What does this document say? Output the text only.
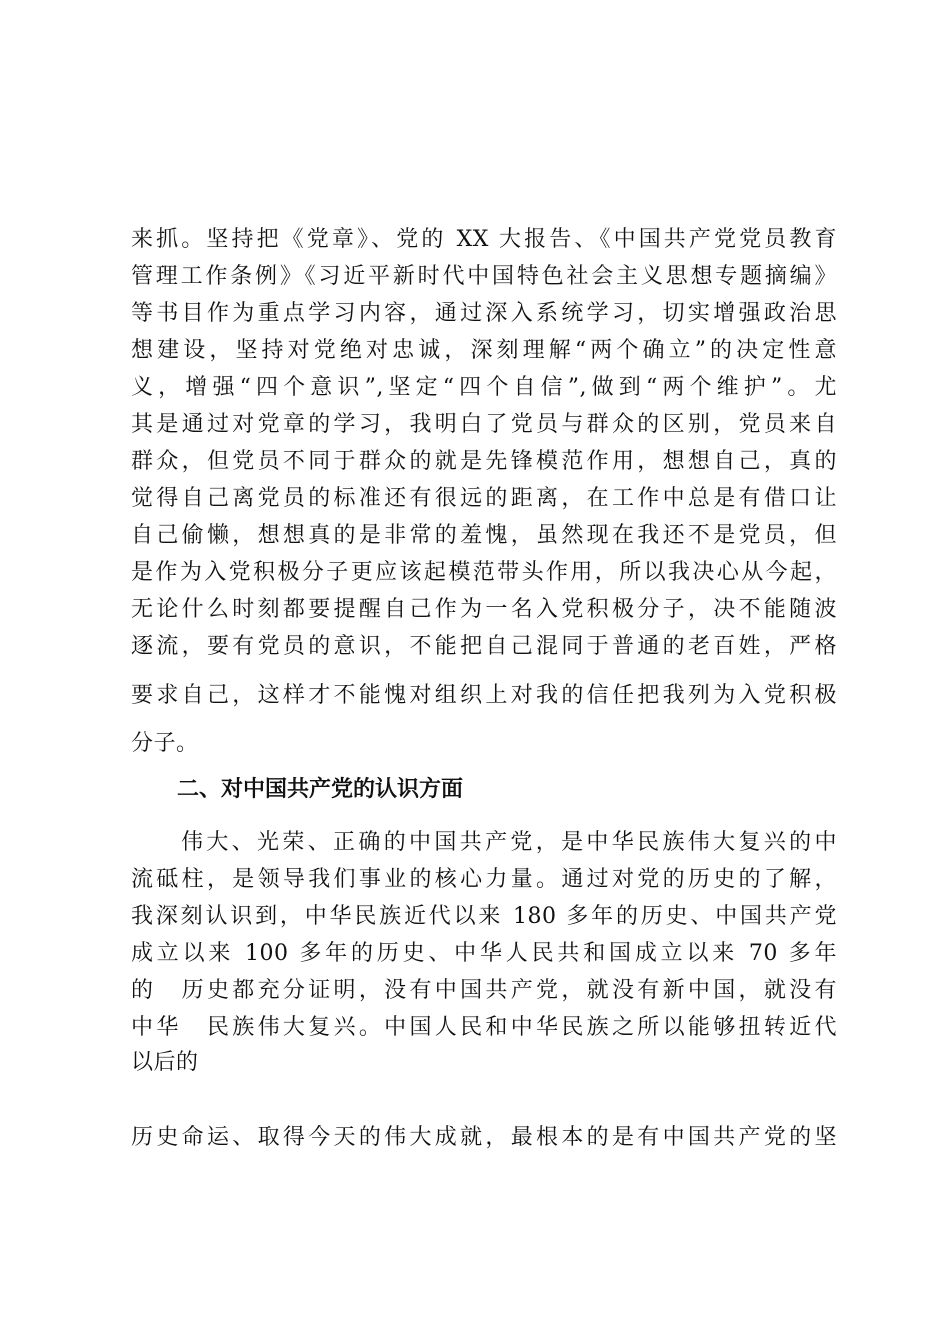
来抓。坚持把《党章》、党的 XX 大报告、《中国共产党党员教育
管理工作条例》《习近平新时代中国特色社会主义思想专题摘编》
等书目作为重点学习内容，通过深入系统学习，切实增强政治思
想建设，坚持对党绝对忠诚，深刻理解“两个确立”的决定性意
义，增强“四个意识”,坚定“四个自信”,做到“两个维护”。尤
其是通过对党章的学习，我明白了党员与群众的区别，党员来自
群众，但党员不同于群众的就是先锋模范作用，想想自己，真的
觉得自己离党员的标准还有很远的距离，在工作中总是有借口让
自己偷懒，想想真的是非常的羞愧，虽然现在我还不是党员，但
是作为入党积极分子更应该起模范带头作用，所以我决心从今起，
无论什么时刻都要提醒自己作为一名入党积极分子，决不能随波
逐流，要有党员的意识，不能把自己混同于普通的老百姓，严格
要求自己，这样才不能愧对组织上对我的信任把我列为入党积极
分子。
二、对中国共产党的认识方面
伟大、光荣、正确的中国共产党，是中华民族伟大复兴的中
流砥柱，是领导我们事业的核心力量。通过对党的历史的了解，
我深刻认识到，中华民族近代以来 180 多年的历史、中国共产党
成立以来 100 多年的历史、中华人民共和国成立以来 70 多年
的　历史都充分证明，没有中国共产党，就没有新中国，就没有
中华　民族伟大复兴。中国人民和中华民族之所以能够扭转近代
以后的
历史命运、取得今天的伟大成就，最根本的是有中国共产党的坚
